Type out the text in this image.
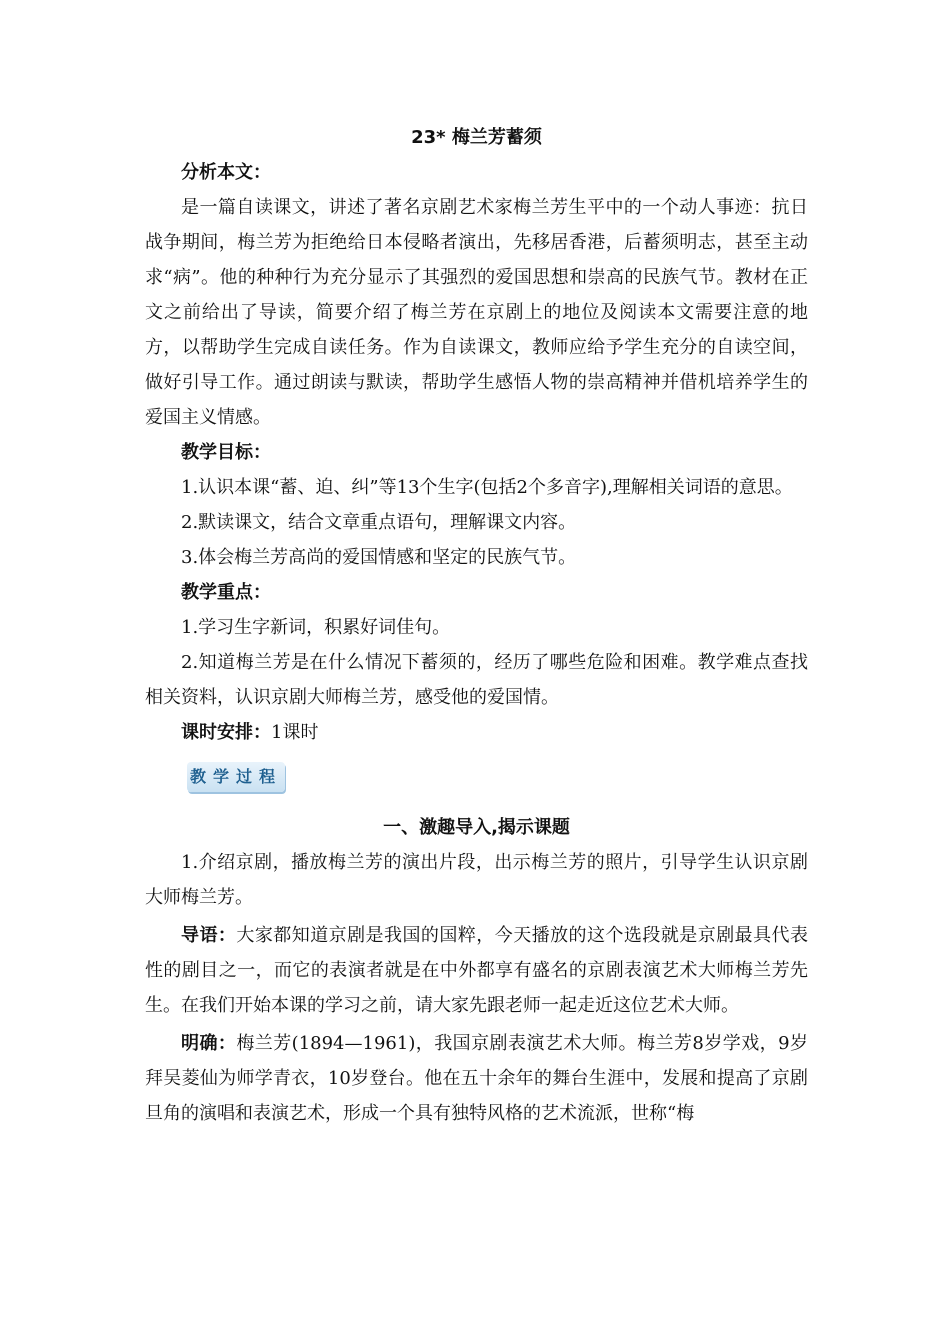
23* 梅兰芳蓄须

分析本文：

是一篇自读课文，讲述了著名京剧艺术家梅兰芳生平中的一个动人事迹：抗日战争期间，梅兰芳为拒绝给日本侵略者演出，先移居香港，后蓄须明志，甚至主动求“病”。他的种种行为充分显示了其强烈的爱国思想和崇高的民族气节。教材在正文之前给出了导读，简要介绍了梅兰芳在京剧上的地位及阅读本文需要注意的地方，以帮助学生完成自读任务。作为自读课文，教师应给予学生充分的自读空间，做好引导工作。通过朗读与默读，帮助学生感悟人物的崇高精神并借机培养学生的爱国主义情感。

教学目标：

1.认识本课“蓄、迫、纠”等13个生字(包括2个多音字),理解相关词语的意思。

2.默读课文，结合文章重点语句，理解课文内容。

3.体会梅兰芳高尚的爱国情感和坚定的民族气节。

教学重点：

1.学习生字新词，积累好词佳句。

2.知道梅兰芳是在什么情况下蓄须的，经历了哪些危险和困难。教学难点查找相关资料，认识京剧大师梅兰芳，感受他的爱国情。

课时安排：1课时

教学过程

一、激趣导入,揭示课题

1.介绍京剧，播放梅兰芳的演出片段，出示梅兰芳的照片，引导学生认识京剧大师梅兰芳。

导语：大家都知道京剧是我国的国粹，今天播放的这个选段就是京剧最具代表性的剧目之一，而它的表演者就是在中外都享有盛名的京剧表演艺术大师梅兰芳先生。在我们开始本课的学习之前，请大家先跟老师一起走近这位艺术大师。

明确：梅兰芳(1894—1961)，我国京剧表演艺术大师。梅兰芳8岁学戏，9岁拜吴菱仙为师学青衣，10岁登台。他在五十余年的舞台生涯中，发展和提高了京剧旦角的演唱和表演艺术，形成一个具有独特风格的艺术流派，世称“梅
